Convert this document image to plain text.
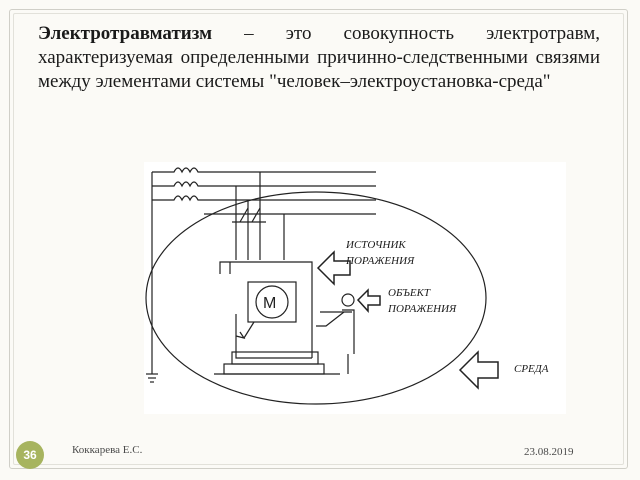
Электротравматизм – это совокупность электротравм, характеризуемая определенными причинно-следственными связями между элементами системы "человек–электроустановка-среда"
M
ИСТОЧНИК
ПОРАЖЕНИЯ
ОБЪЕКТ
ПОРАЖЕНИЯ
СРЕДА
36	Коккарева Е.С.	23.08.2019
